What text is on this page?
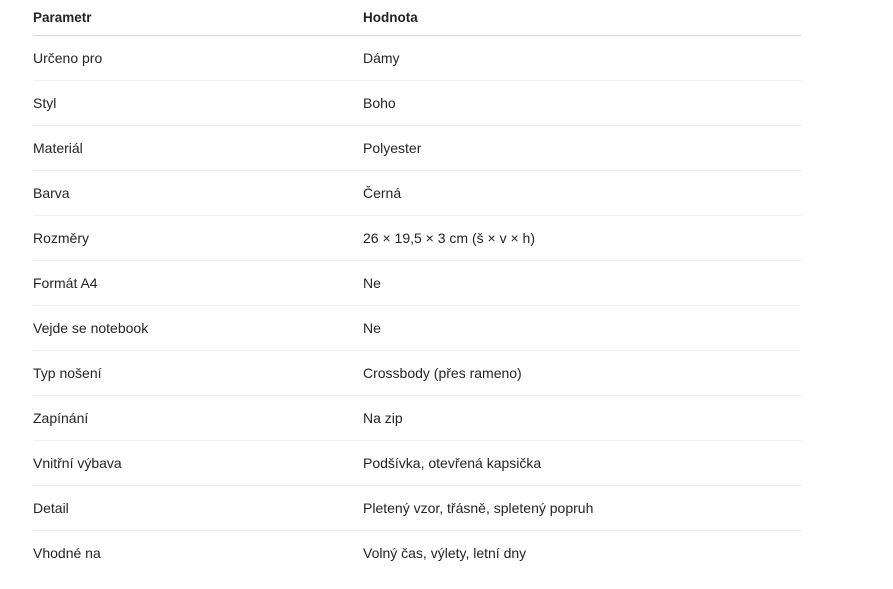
Parametr	Hodnota
Určeno pro	Dámy
Styl	Boho
Materiál	Polyester
Barva	Černá
Rozměry	26 × 19,5 × 3 cm (š × v × h)
Formát A4	Ne
Vejde se notebook	Ne
Typ nošení	Crossbody (přes rameno)
Zapínání	Na zip
Vnitřní výbava	Podšívka, otevřená kapsička
Detail	Pletený vzor, třásně, spletený popruh
Vhodné na	Volný čas, výlety, letní dny
